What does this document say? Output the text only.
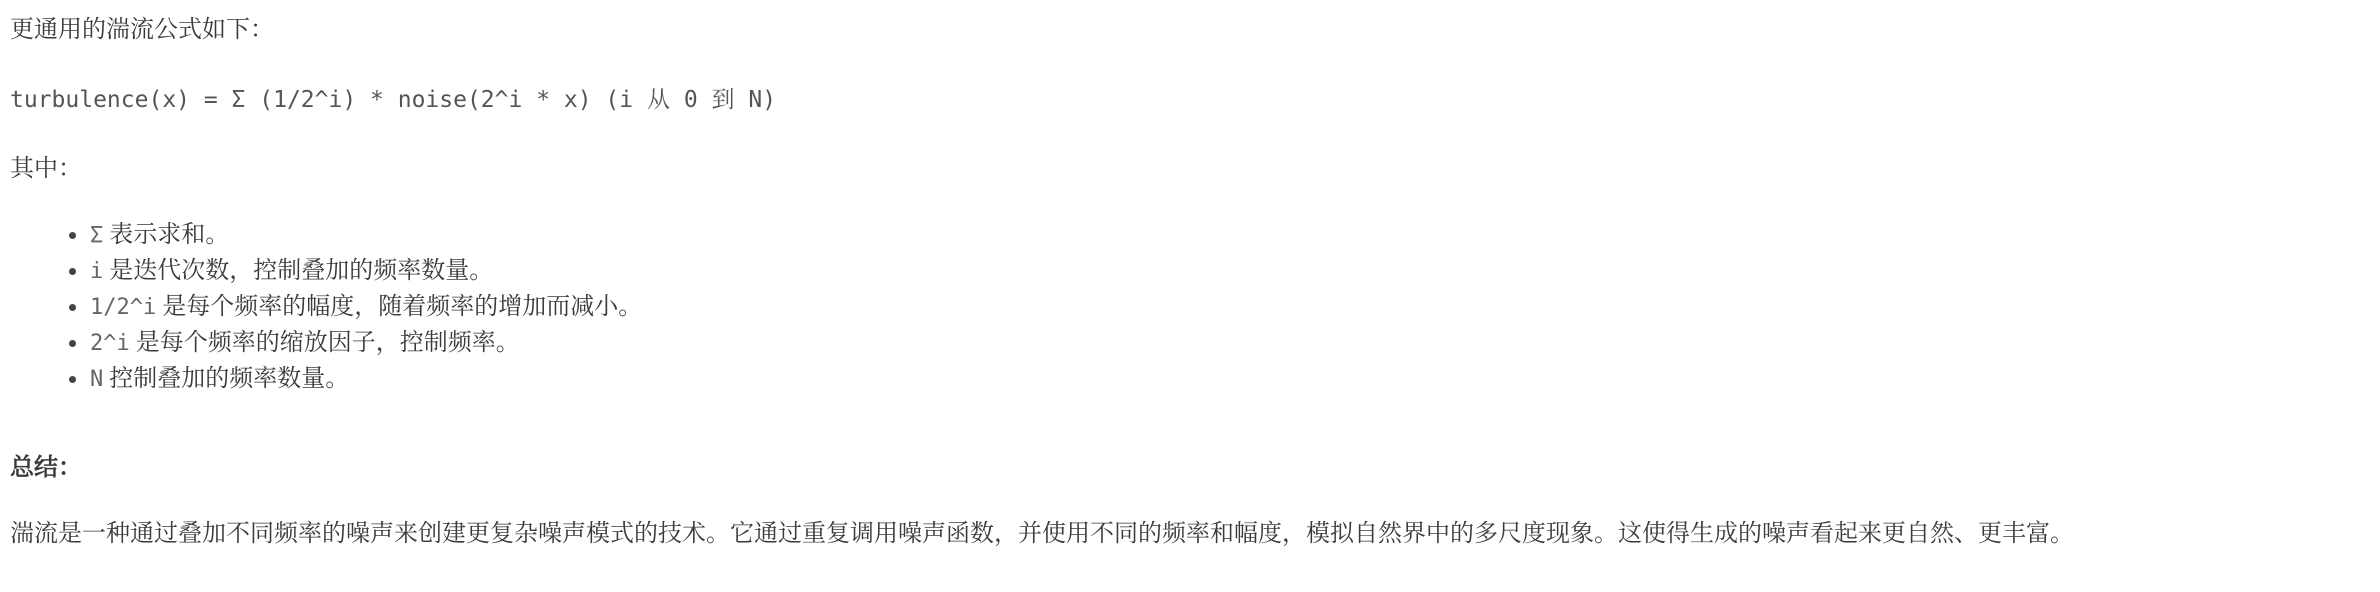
更通用的湍流公式如下：

turbulence(x) = Σ (1/2^i) * noise(2^i * x) (i 从 0 到 N)

其中：

• Σ 表示求和。
• i 是迭代次数，控制叠加的频率数量。
• 1/2^i 是每个频率的幅度，随着频率的增加而减小。
• 2^i 是每个频率的缩放因子，控制频率。
• N 控制叠加的频率数量。

总结：

湍流是一种通过叠加不同频率的噪声来创建更复杂噪声模式的技术。它通过重复调用噪声函数，并使用不同的频率和幅度，模拟自然界中的多尺度现象。这使得生成的噪声看起来更自然、更丰富。
